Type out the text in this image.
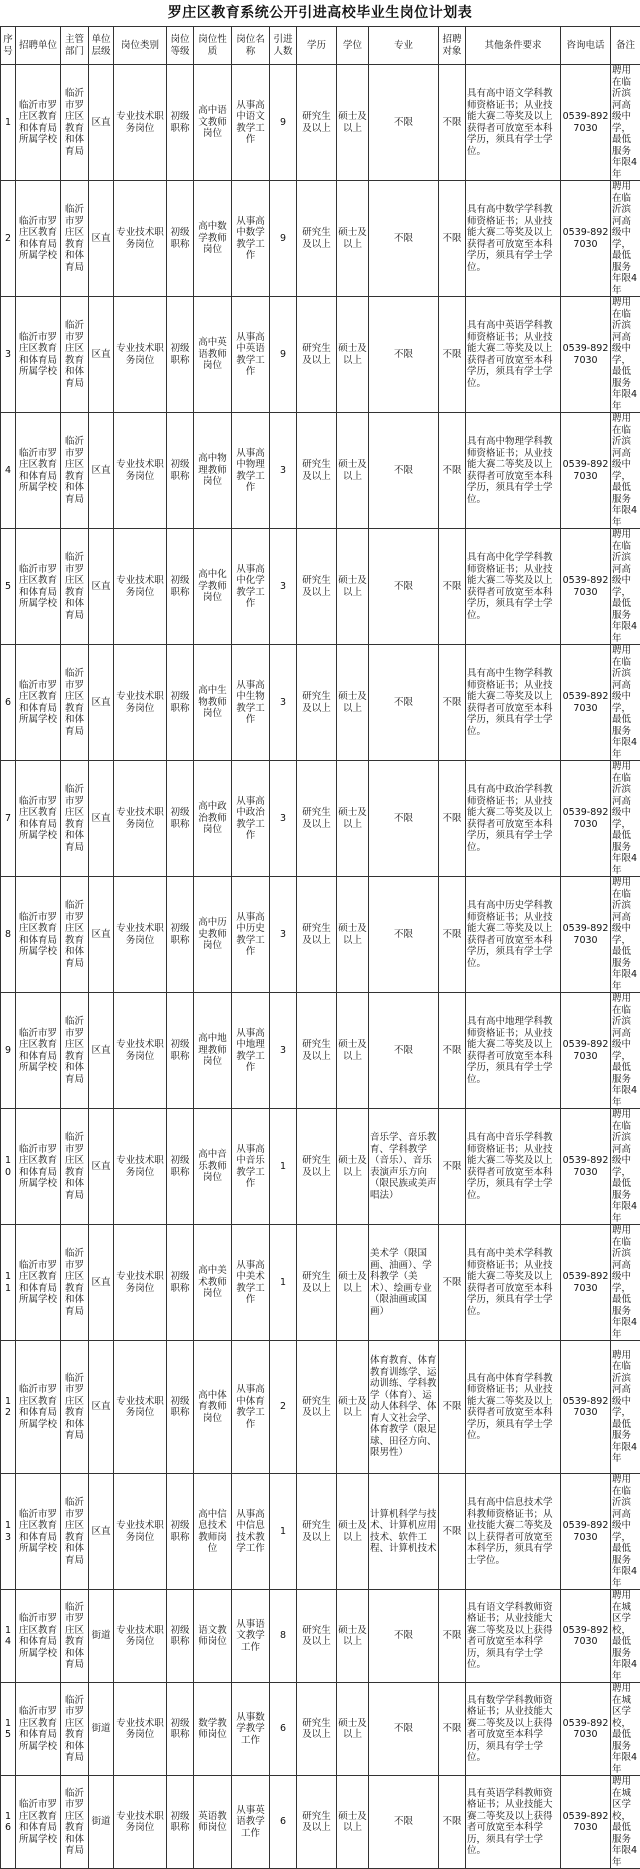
罗庄区教育系统公开引进高校毕业生岗位计划表
序号	招聘单位	主管部门	单位层级	岗位类别	岗位等级	岗位性质	岗位名称	引进人数	学历	学位	专业	招聘对象	其他条件要求	咨询电话	备注
1	临沂市罗庄区教育和体育局所属学校	临沂市罗庄区教育和体育局	区直	专业技术职务岗位	初级职称	高中语文教师岗位	从事高中语文教学工作	9	研究生及以上	硕士及以上	不限	不限	具有高中语文学科教师资格证书；从业技能大赛二等奖及以上获得者可放宽至本科学历，须具有学士学位。	0539-8927030	聘用在临沂滨河高级中学，最低服务年限4年
2	临沂市罗庄区教育和体育局所属学校	临沂市罗庄区教育和体育局	区直	专业技术职务岗位	初级职称	高中数学教师岗位	从事高中数学教学工作	9	研究生及以上	硕士及以上	不限	不限	具有高中数学学科教师资格证书；从业技能大赛二等奖及以上获得者可放宽至本科学历，须具有学士学位。	0539-8927030	聘用在临沂滨河高级中学，最低服务年限4年
3	临沂市罗庄区教育和体育局所属学校	临沂市罗庄区教育和体育局	区直	专业技术职务岗位	初级职称	高中英语教师岗位	从事高中英语教学工作	9	研究生及以上	硕士及以上	不限	不限	具有高中英语学科教师资格证书；从业技能大赛二等奖及以上获得者可放宽至本科学历，须具有学士学位。	0539-8927030	聘用在临沂滨河高级中学，最低服务年限4年
4	临沂市罗庄区教育和体育局所属学校	临沂市罗庄区教育和体育局	区直	专业技术职务岗位	初级职称	高中物理教师岗位	从事高中物理教学工作	3	研究生及以上	硕士及以上	不限	不限	具有高中物理学科教师资格证书；从业技能大赛二等奖及以上获得者可放宽至本科学历，须具有学士学位。	0539-8927030	聘用在临沂滨河高级中学，最低服务年限4年
5	临沂市罗庄区教育和体育局所属学校	临沂市罗庄区教育和体育局	区直	专业技术职务岗位	初级职称	高中化学教师岗位	从事高中化学教学工作	3	研究生及以上	硕士及以上	不限	不限	具有高中化学学科教师资格证书；从业技能大赛二等奖及以上获得者可放宽至本科学历，须具有学士学位。	0539-8927030	聘用在临沂滨河高级中学，最低服务年限4年
6	临沂市罗庄区教育和体育局所属学校	临沂市罗庄区教育和体育局	区直	专业技术职务岗位	初级职称	高中生物教师岗位	从事高中生物教学工作	3	研究生及以上	硕士及以上	不限	不限	具有高中生物学科教师资格证书；从业技能大赛二等奖及以上获得者可放宽至本科学历，须具有学士学位。	0539-8927030	聘用在临沂滨河高级中学，最低服务年限4年
7	临沂市罗庄区教育和体育局所属学校	临沂市罗庄区教育和体育局	区直	专业技术职务岗位	初级职称	高中政治教师岗位	从事高中政治教学工作	3	研究生及以上	硕士及以上	不限	不限	具有高中政治学科教师资格证书；从业技能大赛二等奖及以上获得者可放宽至本科学历，须具有学士学位。	0539-8927030	聘用在临沂滨河高级中学，最低服务年限4年
8	临沂市罗庄区教育和体育局所属学校	临沂市罗庄区教育和体育局	区直	专业技术职务岗位	初级职称	高中历史教师岗位	从事高中历史教学工作	3	研究生及以上	硕士及以上	不限	不限	具有高中历史学科教师资格证书；从业技能大赛二等奖及以上获得者可放宽至本科学历，须具有学士学位。	0539-8927030	聘用在临沂滨河高级中学，最低服务年限4年
9	临沂市罗庄区教育和体育局所属学校	临沂市罗庄区教育和体育局	区直	专业技术职务岗位	初级职称	高中地理教师岗位	从事高中地理教学工作	3	研究生及以上	硕士及以上	不限	不限	具有高中地理学科教师资格证书；从业技能大赛二等奖及以上获得者可放宽至本科学历，须具有学士学位。	0539-8927030	聘用在临沂滨河高级中学，最低服务年限4年
10	临沂市罗庄区教育和体育局所属学校	临沂市罗庄区教育和体育局	区直	专业技术职务岗位	初级职称	高中音乐教师岗位	从事高中音乐教学工作	1	研究生及以上	硕士及以上	音乐学、音乐教育、学科教学（音乐）、音乐表演声乐方向（限民族或美声唱法）	不限	具有高中音乐学科教师资格证书；从业技能大赛二等奖及以上获得者可放宽至本科学历，须具有学士学位。	0539-8927030	聘用在临沂滨河高级中学，最低服务年限4年
11	临沂市罗庄区教育和体育局所属学校	临沂市罗庄区教育和体育局	区直	专业技术职务岗位	初级职称	高中美术教师岗位	从事高中美术教学工作	1	研究生及以上	硕士及以上	美术学（限国画、油画）、学科教学（美术）、绘画专业（限油画或国画）	不限	具有高中美术学科教师资格证书；从业技能大赛二等奖及以上获得者可放宽至本科学历，须具有学士学位。	0539-8927030	聘用在临沂滨河高级中学，最低服务年限4年
12	临沂市罗庄区教育和体育局所属学校	临沂市罗庄区教育和体育局	区直	专业技术职务岗位	初级职称	高中体育教师岗位	从事高中体育教学工作	2	研究生及以上	硕士及以上	体育教育、体育教育训练学、运动训练、学科教学（体育）、运动人体科学、体育人文社会学、体育教学（限足球、田径方向、限男性）	不限	具有高中体育学科教师资格证书；从业技能大赛二等奖及以上获得者可放宽至本科学历，须具有学士学位。	0539-8927030	聘用在临沂滨河高级中学，最低服务年限4年
13	临沂市罗庄区教育和体育局所属学校	临沂市罗庄区教育和体育局	区直	专业技术职务岗位	初级职称	高中信息技术教师岗位	从事高中信息技术教学工作	1	研究生及以上	硕士及以上	计算机科学与技术、计算机应用技术、软件工程、计算机技术	不限	具有高中信息技术学科教师资格证书；从业技能大赛二等奖及以上获得者可放宽至本科学历，须具有学士学位。	0539-8927030	聘用在临沂滨河高级中学，最低服务年限4年
14	临沂市罗庄区教育和体育局所属学校	临沂市罗庄区教育和体育局	街道	专业技术职务岗位	初级职称	语文教师岗位	从事语文教学工作	8	研究生及以上	硕士及以上	不限	不限	具有语文学科教师资格证书；从业技能大赛二等奖及以上获得者可放宽至本科学历，须具有学士学位。	0539-8927030	聘用在城区学校，最低服务年限4年
15	临沂市罗庄区教育和体育局所属学校	临沂市罗庄区教育和体育局	街道	专业技术职务岗位	初级职称	数学教师岗位	从事数学教学工作	6	研究生及以上	硕士及以上	不限	不限	具有数学学科教师资格证书；从业技能大赛二等奖及以上获得者可放宽至本科学历，须具有学士学位。	0539-8927030	聘用在城区学校，最低服务年限4年
16	临沂市罗庄区教育和体育局所属学校	临沂市罗庄区教育和体育局	街道	专业技术职务岗位	初级职称	英语教师岗位	从事英语教学工作	6	研究生及以上	硕士及以上	不限	不限	具有英语学科教师资格证书；从业技能大赛二等奖及以上获得者可放宽至本科学历，须具有学士学位。	0539-8927030	聘用在城区学校，最低服务年限4年
